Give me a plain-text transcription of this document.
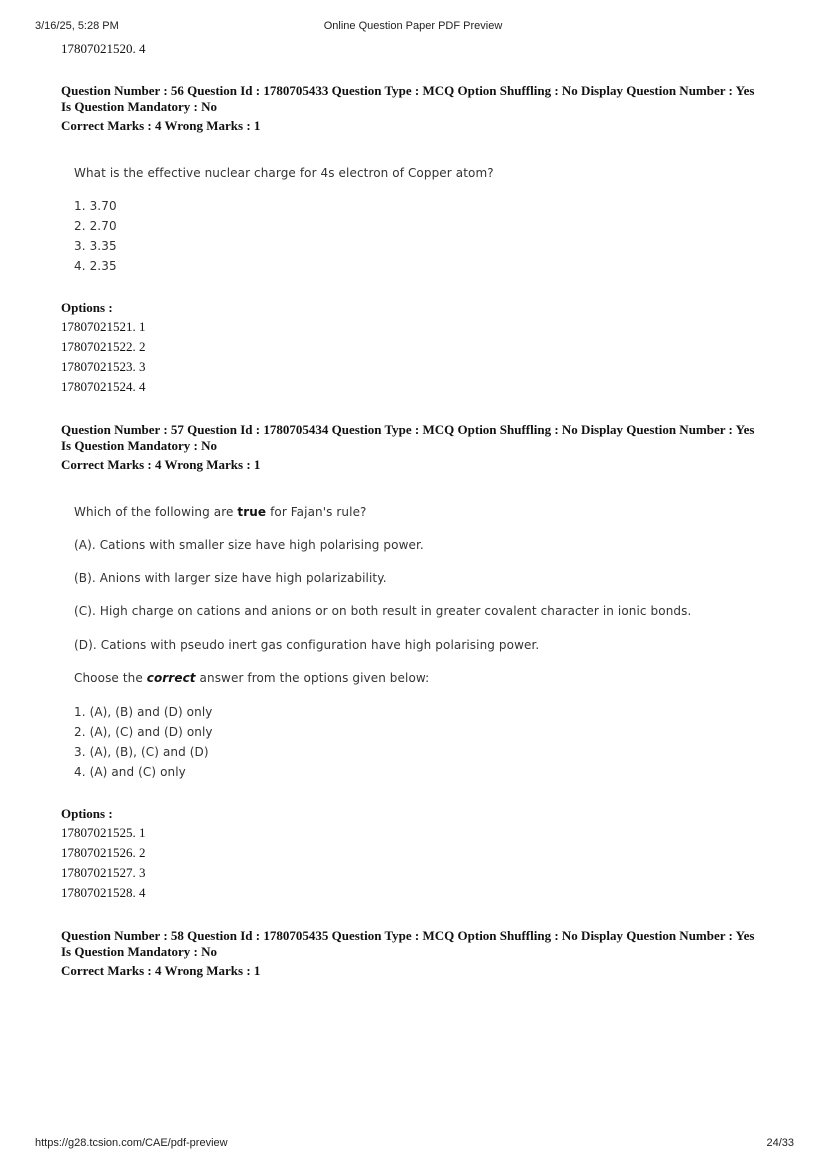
3/16/25, 5:28 PM	Online Question Paper PDF Preview
17807021520. 4
Question Number : 56 Question Id : 1780705433 Question Type : MCQ Option Shuffling : No Display Question Number : Yes
Is Question Mandatory : No
Correct Marks : 4 Wrong Marks : 1
What is the effective nuclear charge for 4s electron of Copper atom?
1. 3.70
2. 2.70
3. 3.35
4. 2.35
Options :
17807021521. 1
17807021522. 2
17807021523. 3
17807021524. 4
Question Number : 57 Question Id : 1780705434 Question Type : MCQ Option Shuffling : No Display Question Number : Yes
Is Question Mandatory : No
Correct Marks : 4 Wrong Marks : 1
Which of the following are true for Fajan's rule?
(A). Cations with smaller size have high polarising power.
(B). Anions with larger size have high polarizability.
(C). High charge on cations and anions or on both result in greater covalent character in ionic bonds.
(D). Cations with pseudo inert gas configuration have high polarising power.
Choose the correct answer from the options given below:
1. (A), (B) and (D) only
2. (A), (C) and (D) only
3. (A), (B), (C) and (D)
4. (A) and (C) only
Options :
17807021525. 1
17807021526. 2
17807021527. 3
17807021528. 4
Question Number : 58 Question Id : 1780705435 Question Type : MCQ Option Shuffling : No Display Question Number : Yes
Is Question Mandatory : No
Correct Marks : 4 Wrong Marks : 1
https://g28.tcsion.com/CAE/pdf-preview	24/33
